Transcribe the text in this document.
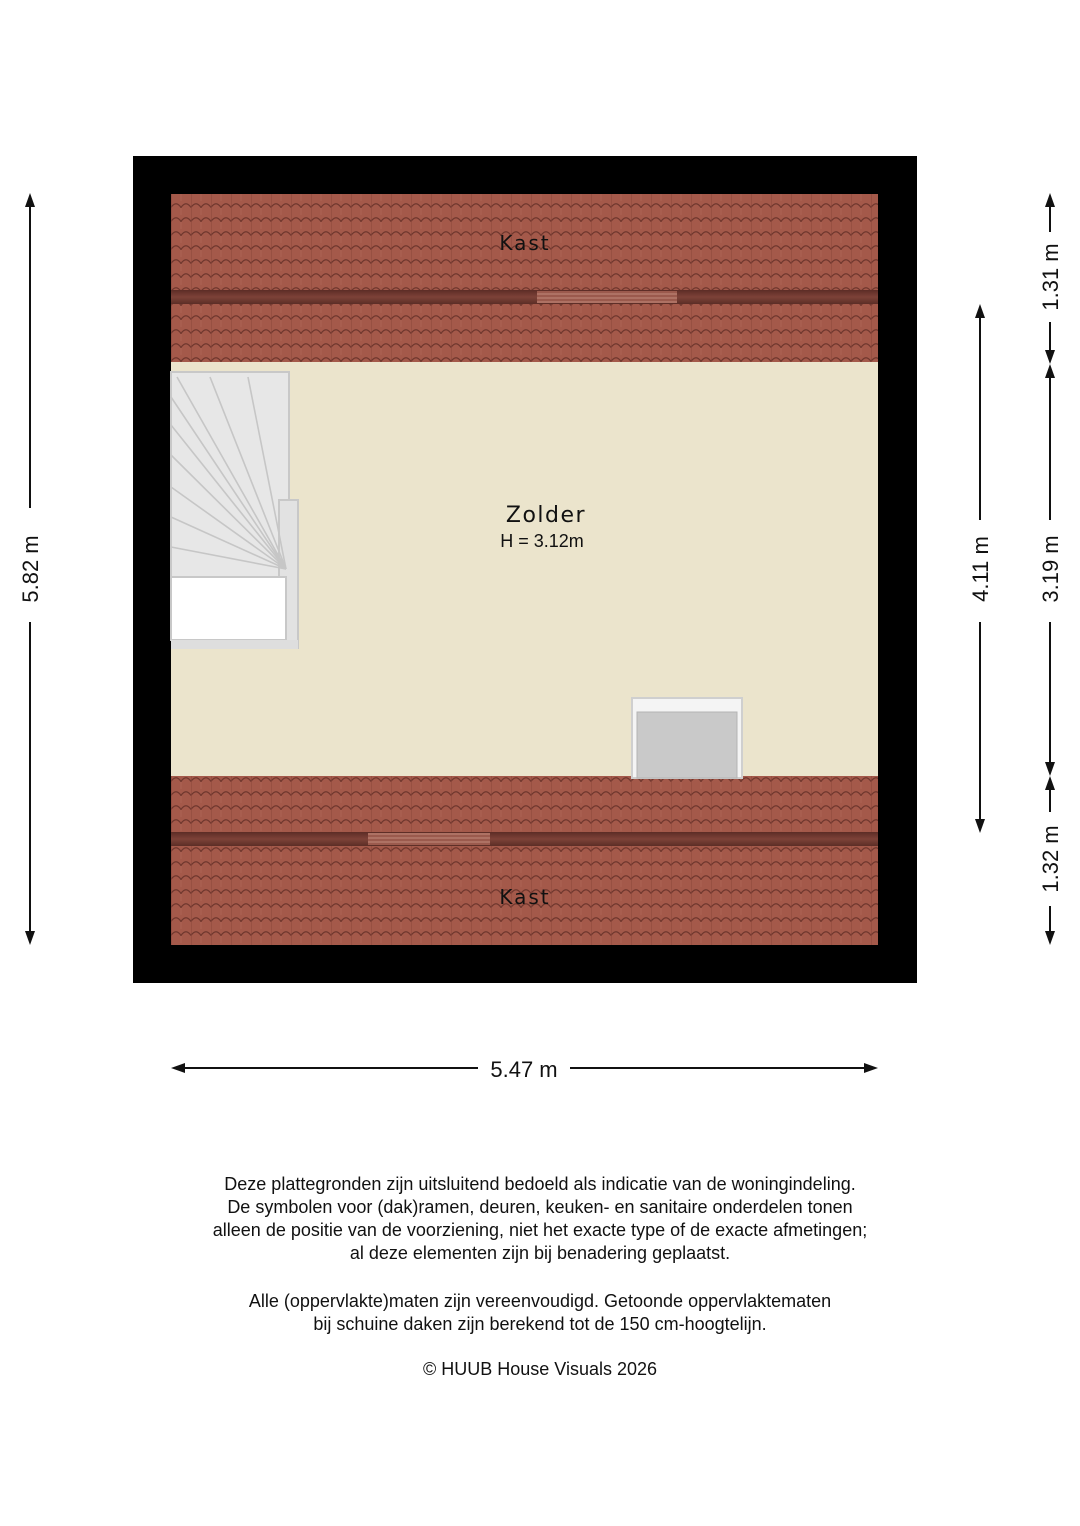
Kast
Zolder
H = 3.12m
Kast
5.82 m
5.47 m
4.11 m
1.31 m
3.19 m
1.32 m

Deze plattegronden zijn uitsluitend bedoeld als indicatie van de woningindeling.

De symbolen voor (dak)ramen, deuren, keuken- en sanitaire onderdelen tonen

alleen de positie van de voorziening, niet het exacte type of de exacte afmetingen;

al deze elementen zijn bij benadering geplaatst.

Alle (oppervlakte)maten zijn vereenvoudigd. Getoonde oppervlaktematen

bij schuine daken zijn berekend tot de 150 cm-hoogtelijn.

© HUUB House Visuals 2026
